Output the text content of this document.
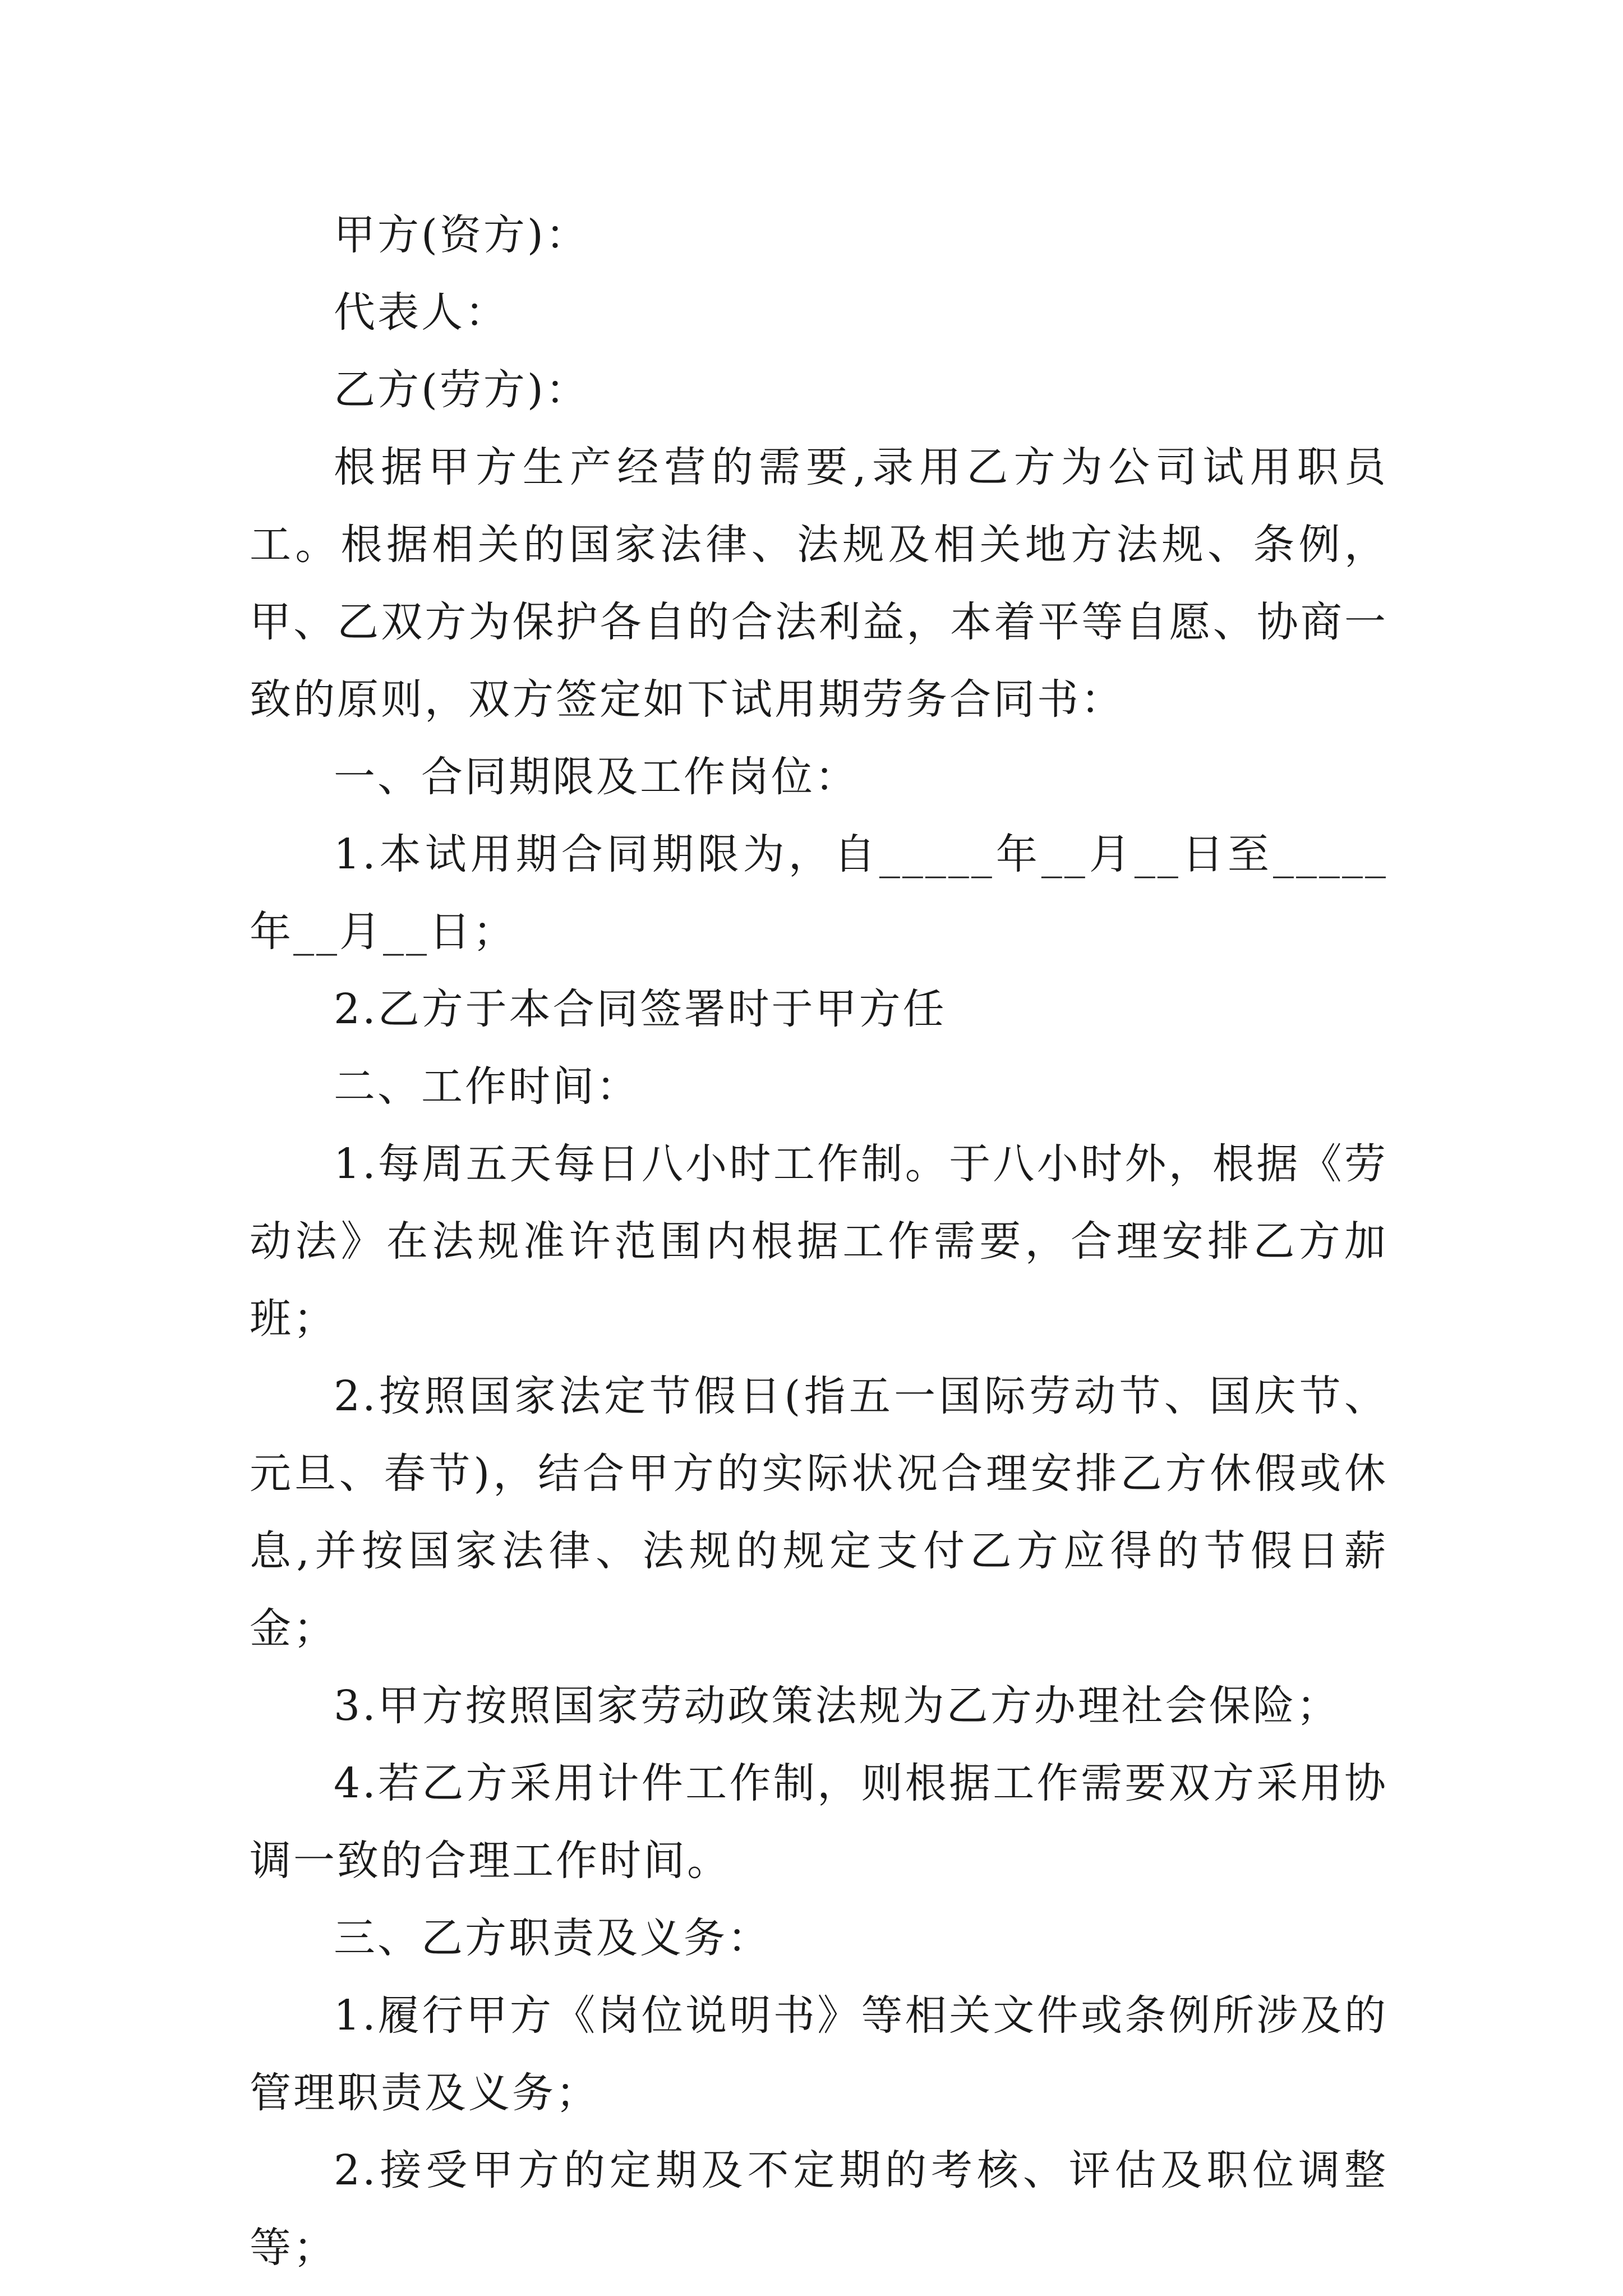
甲方(资方)：

代表人：

乙方(劳方)：

根据甲方生产经营的需要,录用乙方为公司试用职员工。根据相关的国家法律、法规及相关地方法规、条例，甲、乙双方为保护各自的合法利益，本着平等自愿、协商一致的原则，双方签定如下试用期劳务合同书：

一、合同期限及工作岗位：

1.本试用期合同期限为，自_____年__月__日至_____年__月__日；

2.乙方于本合同签署时于甲方任

二、工作时间：

1.每周五天每日八小时工作制。于八小时外，根据《劳动法》在法规准许范围内根据工作需要，合理安排乙方加班；

2.按照国家法定节假日(指五一国际劳动节、国庆节、元旦、春节)，结合甲方的实际状况合理安排乙方休假或休息,并按国家法律、法规的规定支付乙方应得的节假日薪金；

3.甲方按照国家劳动政策法规为乙方办理社会保险；

4.若乙方采用计件工作制，则根据工作需要双方采用协调一致的合理工作时间。

三、乙方职责及义务：

1.履行甲方《岗位说明书》等相关文件或条例所涉及的管理职责及义务；

2.接受甲方的定期及不定期的考核、评估及职位调整等；
